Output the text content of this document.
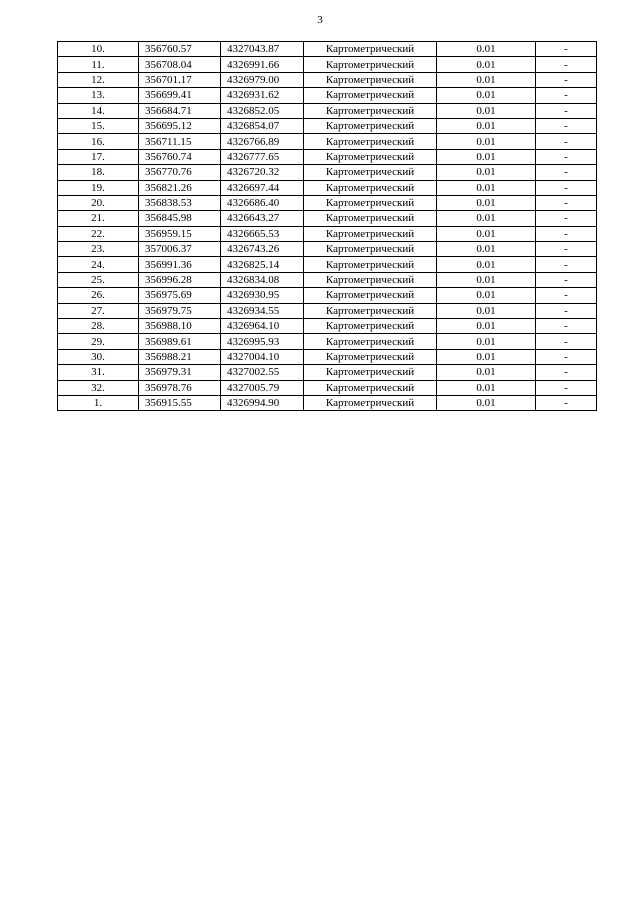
3
10.	356760.57	4327043.87	Картометрический	0.01	-
11.	356708.04	4326991.66	Картометрический	0.01	-
12.	356701.17	4326979.00	Картометрический	0.01	-
13.	356699.41	4326931.62	Картометрический	0.01	-
14.	356684.71	4326852.05	Картометрический	0.01	-
15.	356695.12	4326854.07	Картометрический	0.01	-
16.	356711.15	4326766.89	Картометрический	0.01	-
17.	356760.74	4326777.65	Картометрический	0.01	-
18.	356770.76	4326720.32	Картометрический	0.01	-
19.	356821.26	4326697.44	Картометрический	0.01	-
20.	356838.53	4326686.40	Картометрический	0.01	-
21.	356845.98	4326643.27	Картометрический	0.01	-
22.	356959.15	4326665.53	Картометрический	0.01	-
23.	357006.37	4326743.26	Картометрический	0.01	-
24.	356991.36	4326825.14	Картометрический	0.01	-
25.	356996.28	4326834.08	Картометрический	0.01	-
26.	356975.69	4326930.95	Картометрический	0.01	-
27.	356979.75	4326934.55	Картометрический	0.01	-
28.	356988.10	4326964.10	Картометрический	0.01	-
29.	356989.61	4326995.93	Картометрический	0.01	-
30.	356988.21	4327004.10	Картометрический	0.01	-
31.	356979.31	4327002.55	Картометрический	0.01	-
32.	356978.76	4327005.79	Картометрический	0.01	-
1.	356915.55	4326994.90	Картометрический	0.01	-
